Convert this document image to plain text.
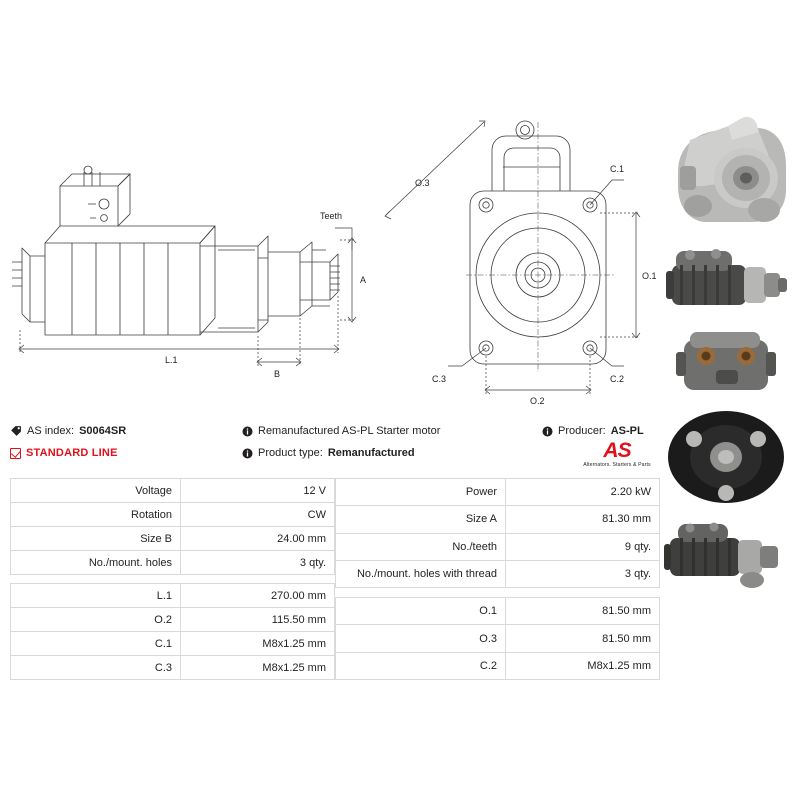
Teeth
A
L.1
B
O.1
O.2
O.3
C.1
C.2
C.3
AS index: S0064SR
STANDARD LINE
Remanufactured AS-PL Starter motor
Product type: Remanufactured
Producer: AS-PL
AS
Alternators. Starters & Parts
Voltage	12 V
Rotation	CW
Size B	24.00 mm
No./mount. holes	3 qty.

L.1	270.00 mm
O.2	115.50 mm
C.1	M8x1.25 mm
C.3	M8x1.25 mm
Power	2.20 kW
Size A	81.30 mm
No./teeth	9 qty.
No./mount. holes with thread	3 qty.

O.1	81.50 mm
O.3	81.50 mm
C.2	M8x1.25 mm
